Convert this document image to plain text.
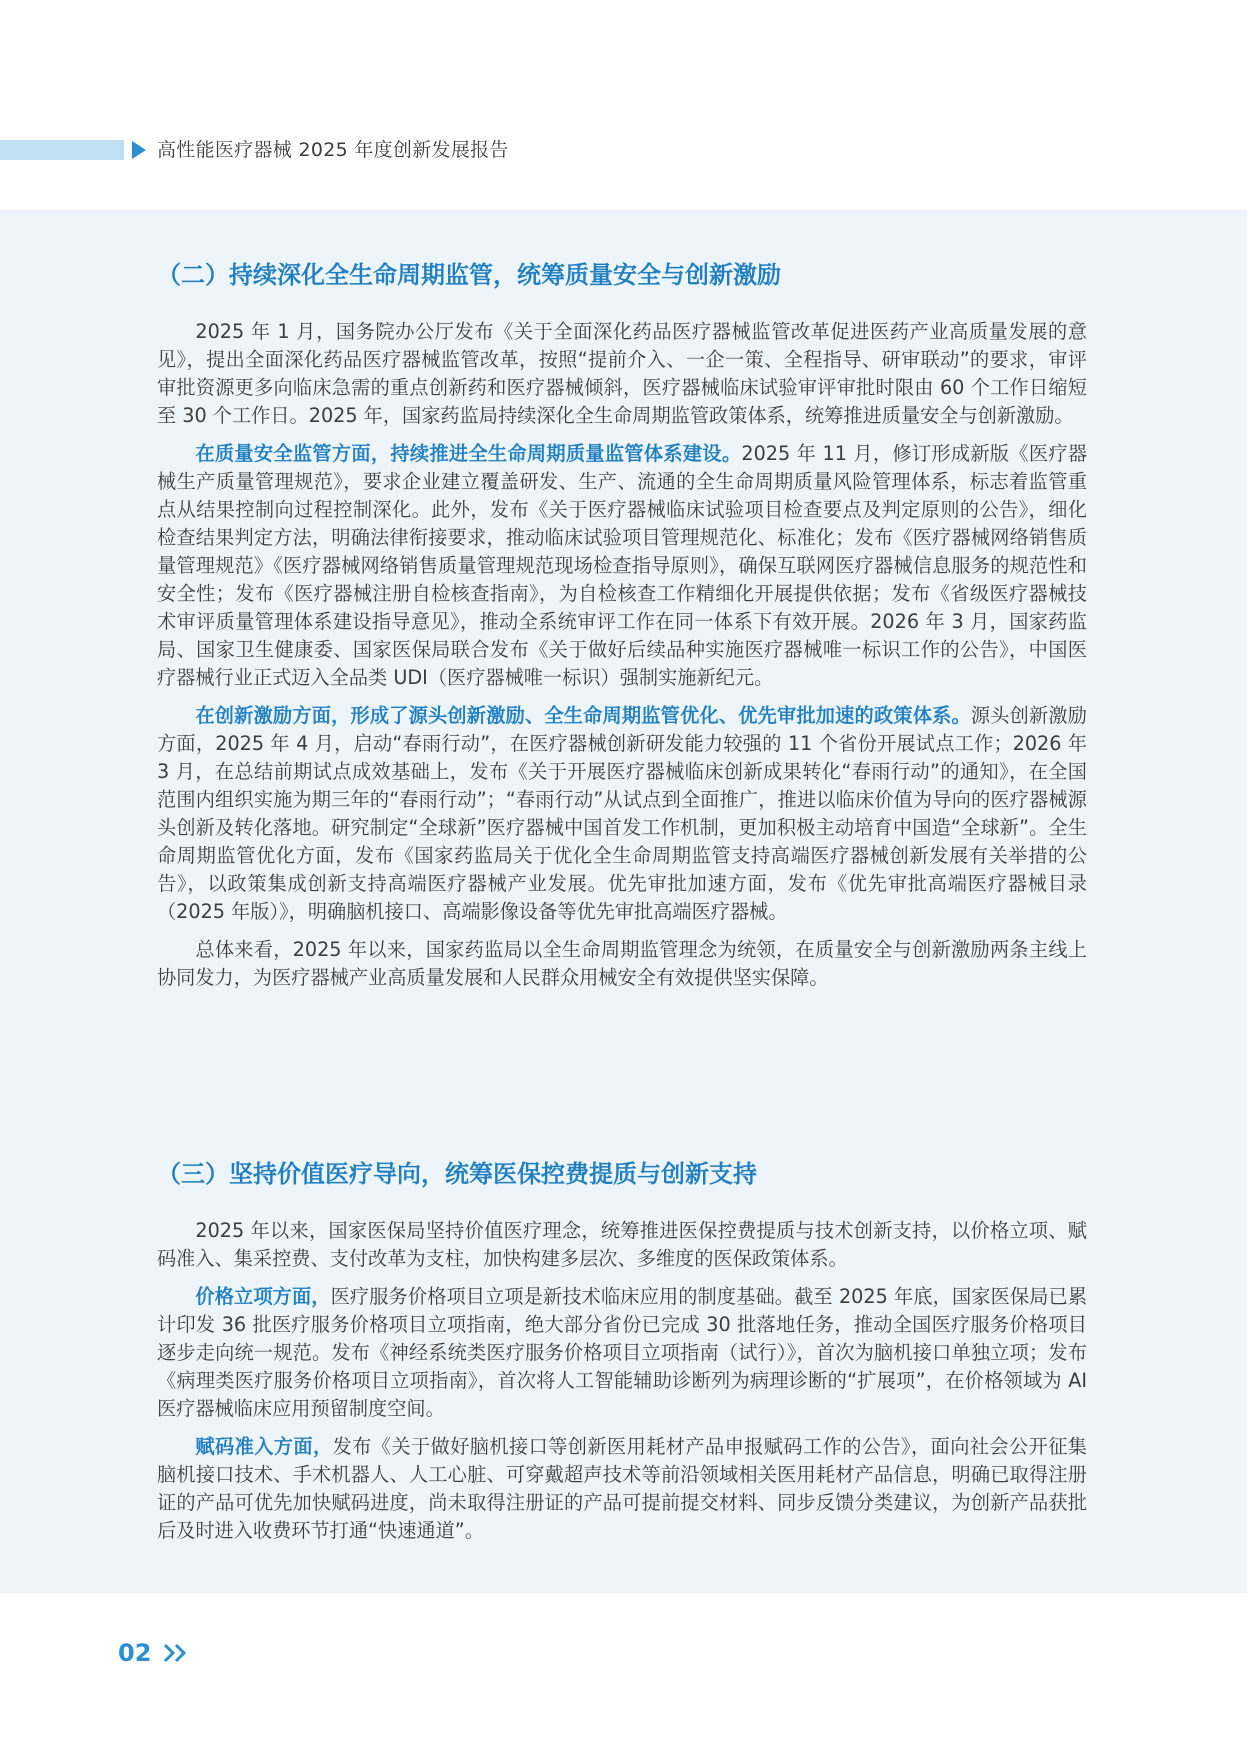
高性能医疗器械 2025 年度创新发展报告
（二）持续深化全生命周期监管，统筹质量安全与创新激励

2025 年 1 月，国务院办公厅发布《关于全面深化药品医疗器械监管改革促进医药产业高质量发展的意见》，提出全面深化药品医疗器械监管改革，按照“提前介入、一企一策、全程指导、研审联动”的要求，审评审批资源更多向临床急需的重点创新药和医疗器械倾斜，医疗器械临床试验审评审批时限由 60 个工作日缩短至 30 个工作日。2025 年，国家药监局持续深化全生命周期监管政策体系，统筹推进质量安全与创新激励。

在质量安全监管方面，持续推进全生命周期质量监管体系建设。2025 年 11 月，修订形成新版《医疗器械生产质量管理规范》，要求企业建立覆盖研发、生产、流通的全生命周期质量风险管理体系，标志着监管重点从结果控制向过程控制深化。此外，发布《关于医疗器械临床试验项目检查要点及判定原则的公告》，细化检查结果判定方法，明确法律衔接要求，推动临床试验项目管理规范化、标准化；发布《医疗器械网络销售质量管理规范》《医疗器械网络销售质量管理规范现场检查指导原则》，确保互联网医疗器械信息服务的规范性和安全性；发布《医疗器械注册自检核查指南》，为自检核查工作精细化开展提供依据；发布《省级医疗器械技术审评质量管理体系建设指导意见》，推动全系统审评工作在同一体系下有效开展。2026 年 3 月，国家药监局、国家卫生健康委、国家医保局联合发布《关于做好后续品种实施医疗器械唯一标识工作的公告》，中国医疗器械行业正式迈入全品类 UDI（医疗器械唯一标识）强制实施新纪元。

在创新激励方面，形成了源头创新激励、全生命周期监管优化、优先审批加速的政策体系。源头创新激励方面，2025 年 4 月，启动“春雨行动”，在医疗器械创新研发能力较强的 11 个省份开展试点工作；2026 年 3 月，在总结前期试点成效基础上，发布《关于开展医疗器械临床创新成果转化“春雨行动”的通知》，在全国范围内组织实施为期三年的“春雨行动”；“春雨行动”从试点到全面推广，推进以临床价值为导向的医疗器械源头创新及转化落地。研究制定“全球新”医疗器械中国首发工作机制，更加积极主动培育中国造“全球新”。全生命周期监管优化方面，发布《国家药监局关于优化全生命周期监管支持高端医疗器械创新发展有关举措的公告》，以政策集成创新支持高端医疗器械产业发展。优先审批加速方面，发布《优先审批高端医疗器械目录（2025 年版）》，明确脑机接口、高端影像设备等优先审批高端医疗器械。

总体来看，2025 年以来，国家药监局以全生命周期监管理念为统领，在质量安全与创新激励两条主线上协同发力，为医疗器械产业高质量发展和人民群众用械安全有效提供坚实保障。

（三）坚持价值医疗导向，统筹医保控费提质与创新支持

2025 年以来，国家医保局坚持价值医疗理念，统筹推进医保控费提质与技术创新支持，以价格立项、赋码准入、集采控费、支付改革为支柱，加快构建多层次、多维度的医保政策体系。

价格立项方面，医疗服务价格项目立项是新技术临床应用的制度基础。截至 2025 年底，国家医保局已累计印发 36 批医疗服务价格项目立项指南，绝大部分省份已完成 30 批落地任务，推动全国医疗服务价格项目逐步走向统一规范。发布《神经系统类医疗服务价格项目立项指南（试行）》，首次为脑机接口单独立项；发布《病理类医疗服务价格项目立项指南》，首次将人工智能辅助诊断列为病理诊断的“扩展项”，在价格领域为 AI 医疗器械临床应用预留制度空间。

赋码准入方面，发布《关于做好脑机接口等创新医用耗材产品申报赋码工作的公告》，面向社会公开征集脑机接口技术、手术机器人、人工心脏、可穿戴超声技术等前沿领域相关医用耗材产品信息，明确已取得注册证的产品可优先加快赋码进度，尚未取得注册证的产品可提前提交材料、同步反馈分类建议，为创新产品获批后及时进入收费环节打通“快速通道”。

02
